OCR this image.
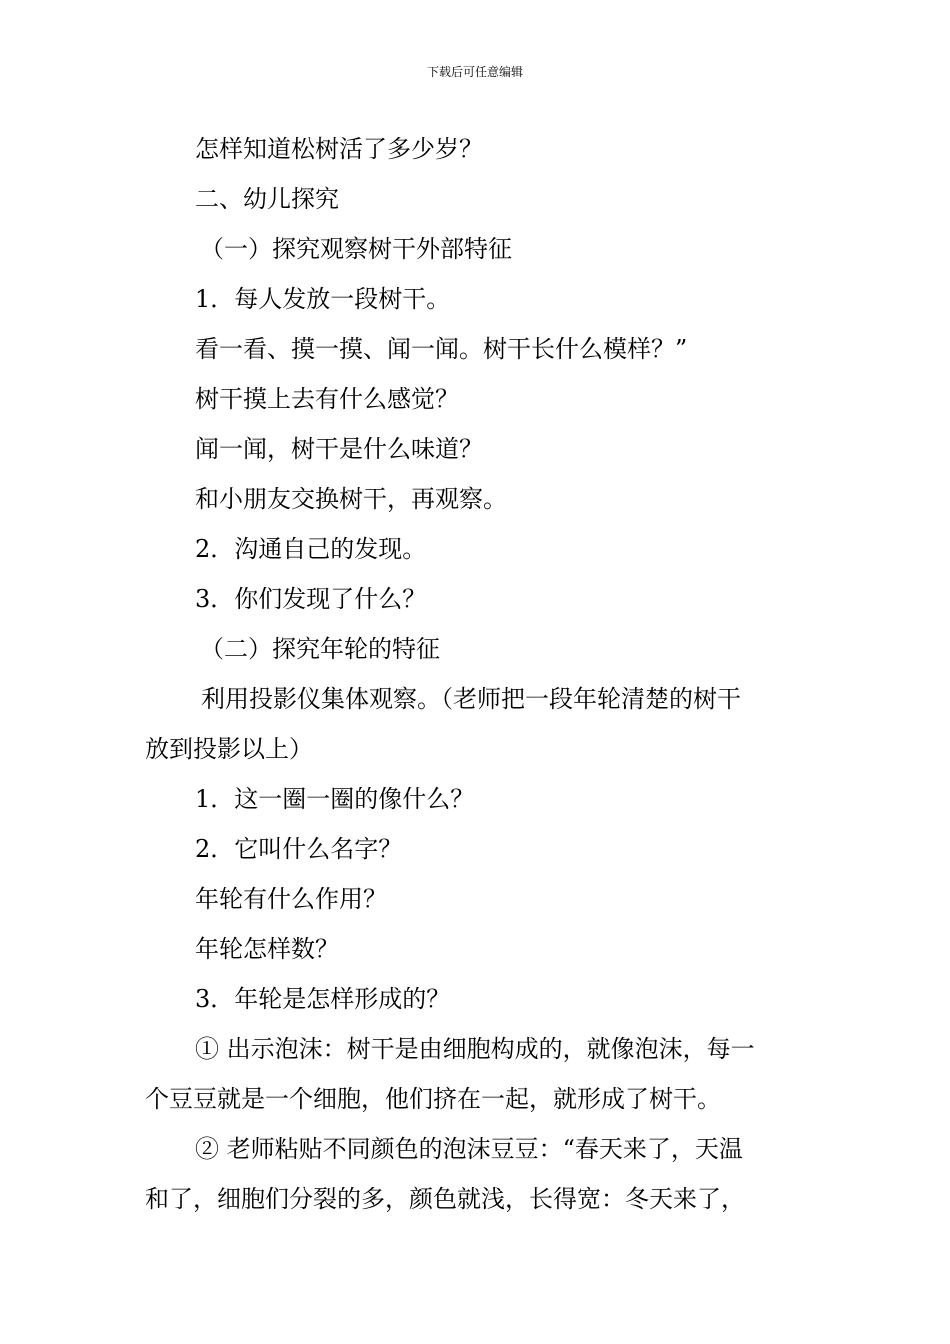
下载后可任意编辑
怎样知道松树活了多少岁？
二、幼儿探究
（一）探究观察树干外部特征
1．每人发放一段树干。
看一看、摸一摸、闻一闻。树干长什么模样？”
树干摸上去有什么感觉？
闻一闻，树干是什么味道？
和小朋友交换树干，再观察。
2．沟通自己的发现。
3．你们发现了什么？
（二）探究年轮的特征
利用投影仪集体观察。（老师把一段年轮清楚的树干
放到投影以上）
1．这一圈一圈的像什么？
2．它叫什么名字？
年轮有什么作用？
年轮怎样数？
3．年轮是怎样形成的？
① 出示泡沫：树干是由细胞构成的，就像泡沫，每一
个豆豆就是一个细胞，他们挤在一起，就形成了树干。
② 老师粘贴不同颜色的泡沫豆豆：“春天来了，天温
和了，细胞们分裂的多，颜色就浅，长得宽：冬天来了，
